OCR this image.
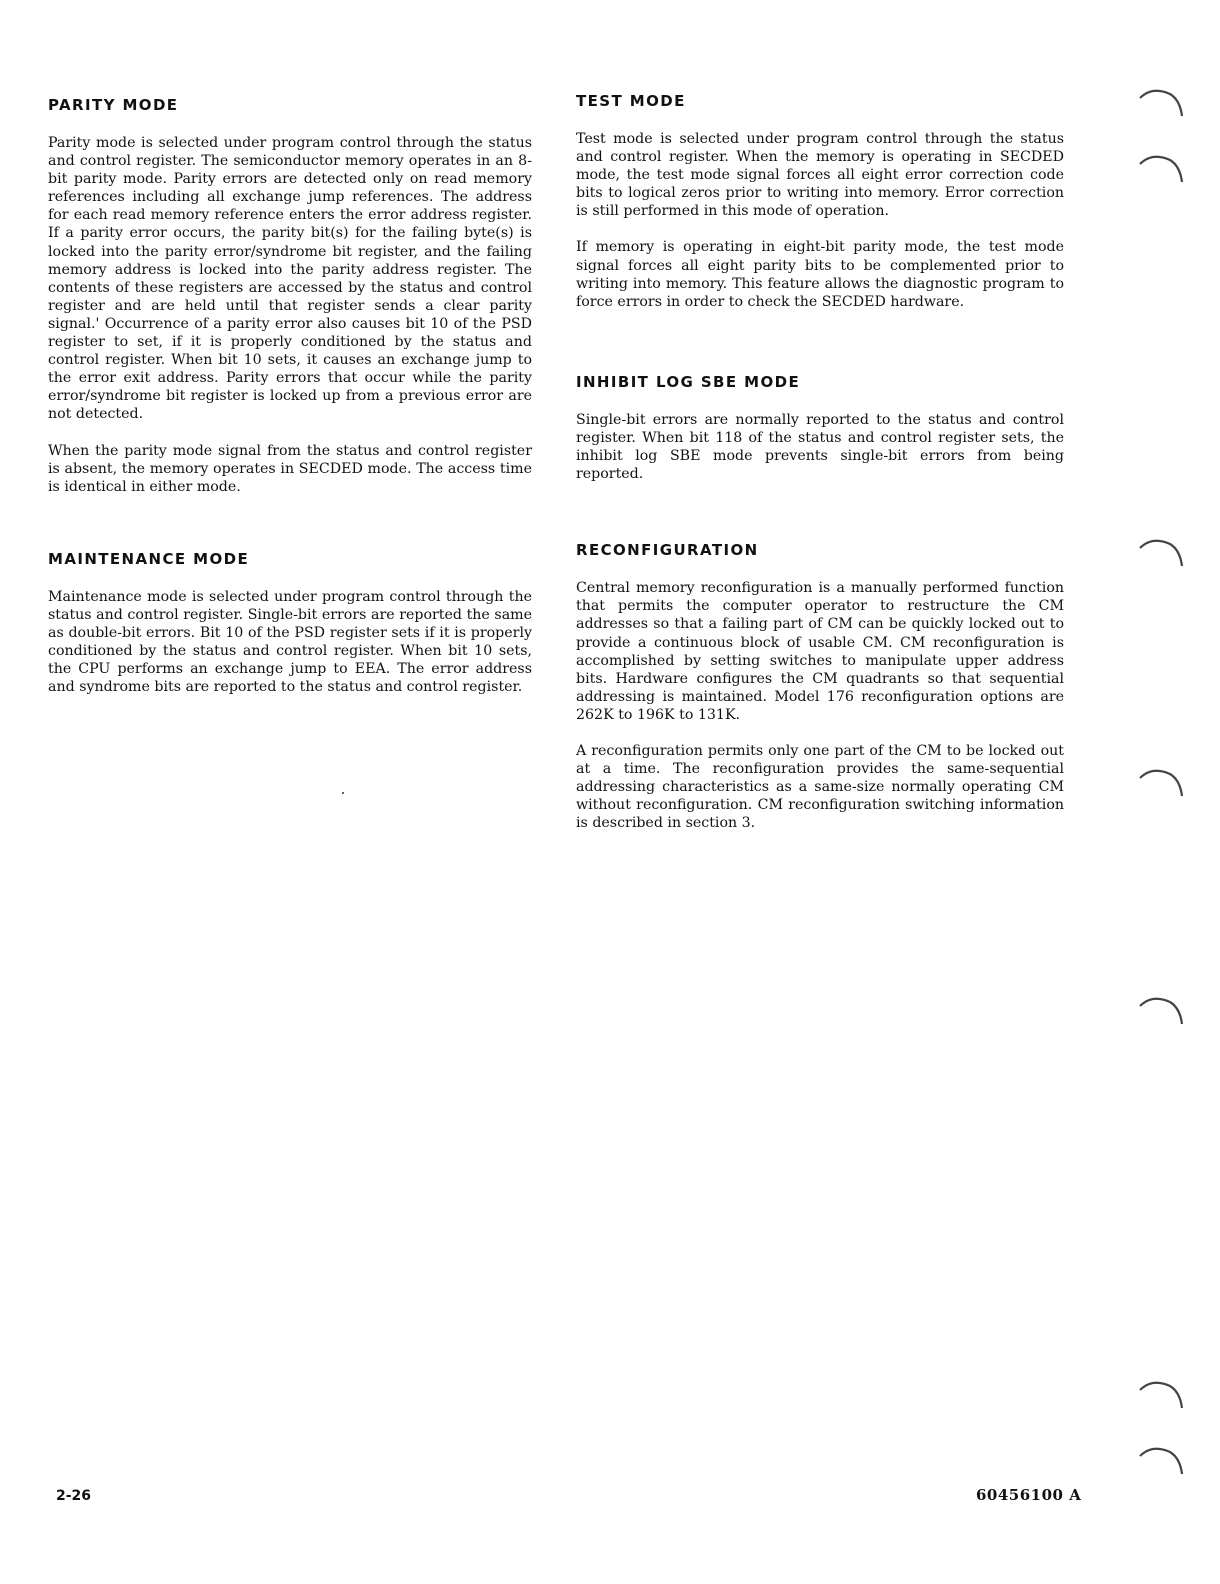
PARITY MODE

Parity mode is selected under program control through the status and control register. The semiconductor memory operates in an 8-bit parity mode. Parity errors are detected only on read memory references including all exchange jump references. The address for each read memory reference enters the error address register. If a parity error occurs, the parity bit(s) for the failing byte(s) is locked into the parity error/syndrome bit register, and the failing memory address is locked into the parity address register. The contents of these registers are accessed by the status and control register and are held until that register sends a clear parity signal.' Occurrence of a parity error also causes bit 10 of the PSD register to set, if it is properly conditioned by the status and control register. When bit 10 sets, it causes an exchange jump to the error exit address. Parity errors that occur while the parity error/syndrome bit register is locked up from a previous error are not detected.

When the parity mode signal from the status and control register is absent, the memory operates in SECDED mode. The access time is identical in either mode.

MAINTENANCE MODE

Maintenance mode is selected under program control through the status and control register. Single-bit errors are reported the same as double-bit errors. Bit 10 of the PSD register sets if it is properly conditioned by the status and control register. When bit 10 sets, the CPU performs an exchange jump to EEA. The error address and syndrome bits are reported to the status and control register.

TEST MODE

Test mode is selected under program control through the status and control register. When the memory is operating in SECDED mode, the test mode signal forces all eight error correction code bits to logical zeros prior to writing into memory. Error correction is still performed in this mode of operation.

If memory is operating in eight-bit parity mode, the test mode signal forces all eight parity bits to be complemented prior to writing into memory. This feature allows the diagnostic program to force errors in order to check the SECDED hardware.

INHIBIT LOG SBE MODE

Single-bit errors are normally reported to the status and control register. When bit 118 of the status and control register sets, the inhibit log SBE mode prevents single-bit errors from being reported.

RECONFIGURATION

Central memory reconfiguration is a manually performed function that permits the computer operator to restructure the CM addresses so that a failing part of CM can be quickly locked out to provide a continuous block of usable CM. CM reconfiguration is accomplished by setting switches to manipulate upper address bits. Hardware configures the CM quadrants so that sequential addressing is maintained. Model 176 reconfiguration options are 262K to 196K to 131K.

A reconfiguration permits only one part of the CM to be locked out at a time. The reconfiguration provides the same-sequential addressing characteristics as a same-size normally operating CM without reconfiguration. CM reconfiguration switching information is described in section 3.

2-26	60456100 A
